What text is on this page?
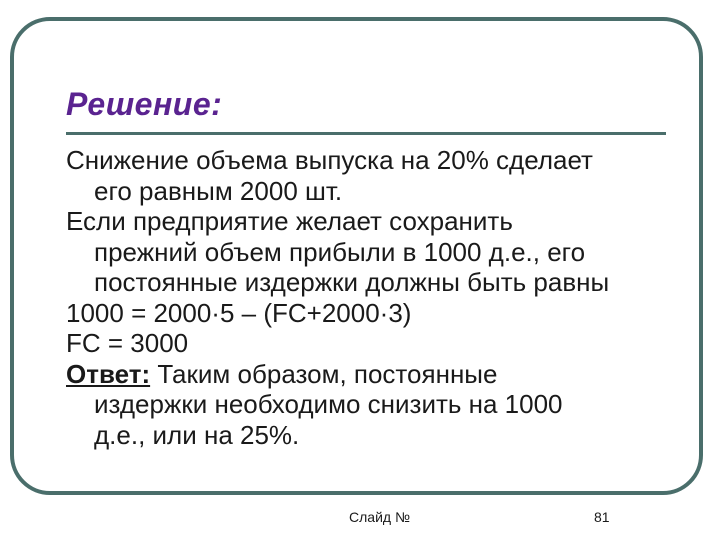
Решение:

Снижение объема выпуска на 20% сделает
его равным 2000 шт.

Если предприятие желает сохранить
прежний объем прибыли в 1000 д.е., его
постоянные издержки должны быть равны

1000 = 2000·5 – (FC+2000·3)

FC = 3000

Ответ: Таким образом, постоянные
издержки необходимо снизить на 1000
д.е., или на 25%.

Слайд №	81
